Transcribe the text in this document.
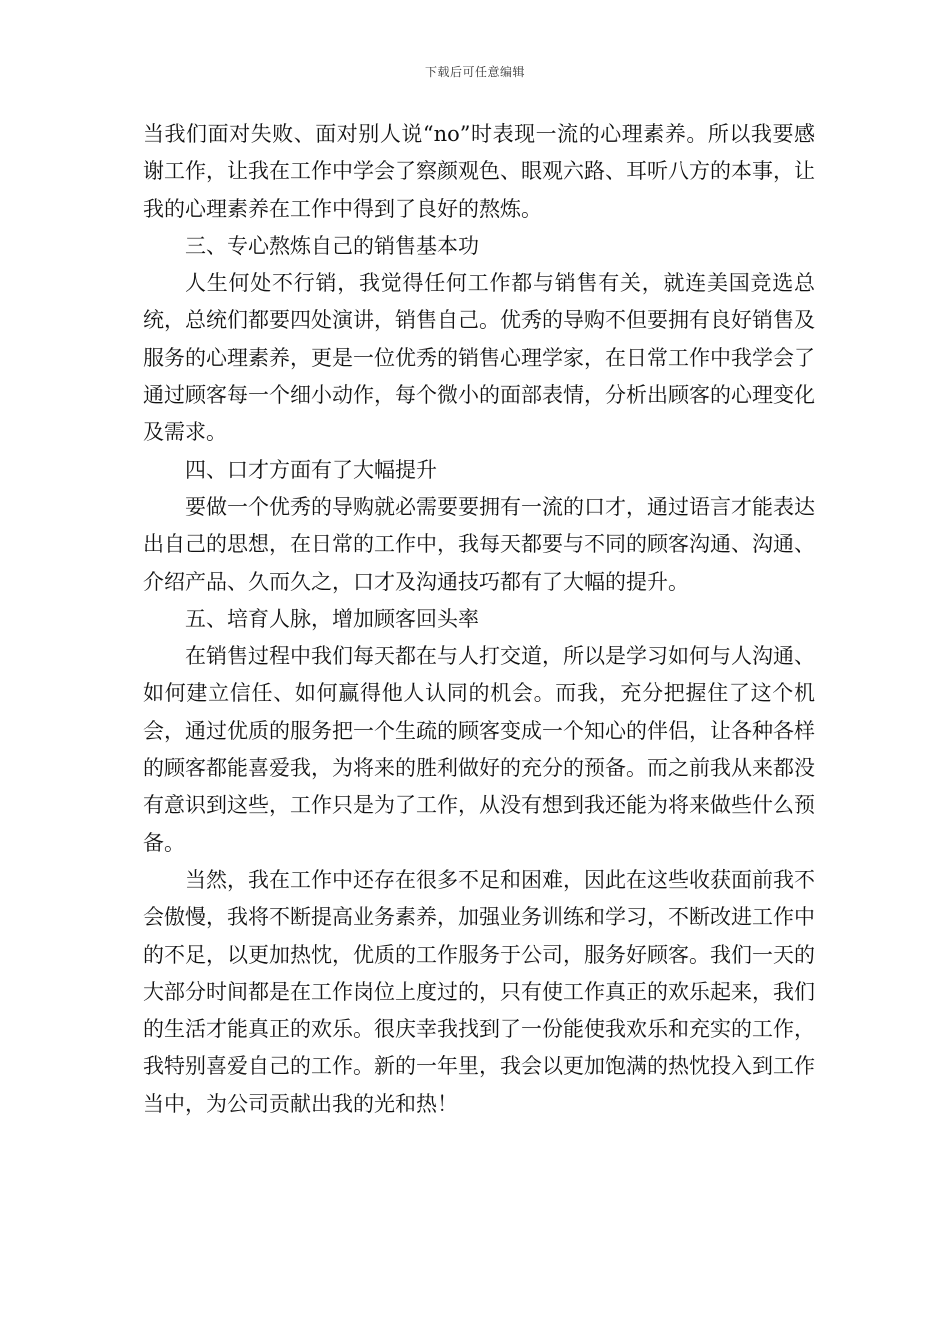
下载后可任意编辑

当我们面对失败、面对别人说“no”时表现一流的心理素养。所以我要感谢工作，让我在工作中学会了察颜观色、眼观六路、耳听八方的本事，让我的心理素养在工作中得到了良好的熬炼。

三、专心熬炼自己的销售基本功

人生何处不行销，我觉得任何工作都与销售有关，就连美国竞选总统，总统们都要四处演讲，销售自己。优秀的导购不但要拥有良好销售及服务的心理素养，更是一位优秀的销售心理学家，在日常工作中我学会了通过顾客每一个细小动作，每个微小的面部表情，分析出顾客的心理变化及需求。

四、口才方面有了大幅提升

要做一个优秀的导购就必需要要拥有一流的口才，通过语言才能表达出自己的思想，在日常的工作中，我每天都要与不同的顾客沟通、沟通、介绍产品、久而久之，口才及沟通技巧都有了大幅的提升。

五、培育人脉，增加顾客回头率

在销售过程中我们每天都在与人打交道，所以是学习如何与人沟通、如何建立信任、如何赢得他人认同的机会。而我，充分把握住了这个机会，通过优质的服务把一个生疏的顾客变成一个知心的伴侣，让各种各样的顾客都能喜爱我，为将来的胜利做好的充分的预备。而之前我从来都没有意识到这些，工作只是为了工作，从没有想到我还能为将来做些什么预备。

当然，我在工作中还存在很多不足和困难，因此在这些收获面前我不会傲慢，我将不断提高业务素养，加强业务训练和学习，不断改进工作中的不足，以更加热忱，优质的工作服务于公司，服务好顾客。我们一天的大部分时间都是在工作岗位上度过的，只有使工作真正的欢乐起来，我们的生活才能真正的欢乐。很庆幸我找到了一份能使我欢乐和充实的工作，我特别喜爱自己的工作。新的一年里，我会以更加饱满的热忱投入到工作当中，为公司贡献出我的光和热！
